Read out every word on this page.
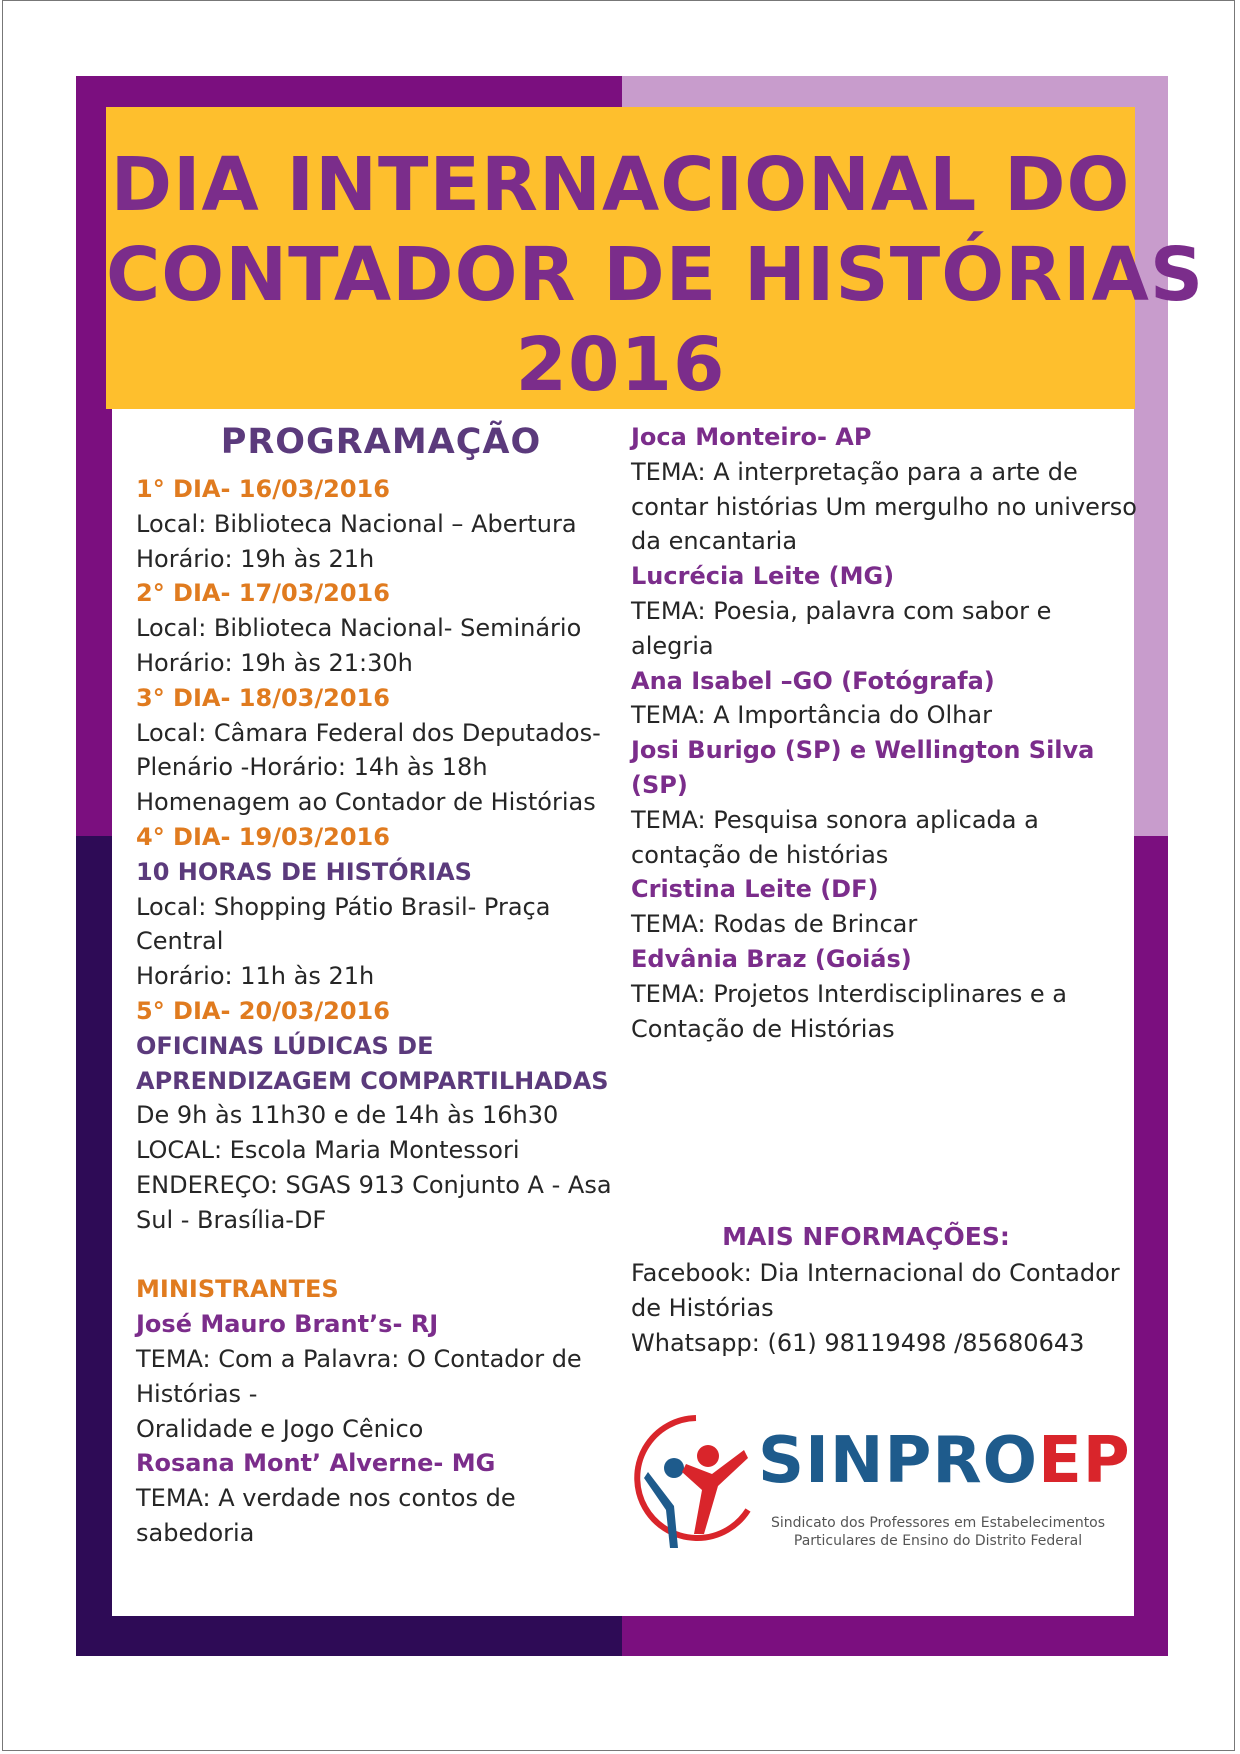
DIA INTERNACIONAL DO
CONTADOR DE HISTÓRIAS
2016
PROGRAMAÇÃO
1° DIA- 16/03/2016
Local: Biblioteca Nacional – Abertura
Horário: 19h às 21h
2° DIA- 17/03/2016
Local: Biblioteca Nacional- Seminário
Horário: 19h às 21:30h
3° DIA- 18/03/2016
Local: Câmara Federal dos Deputados-
Plenário -Horário: 14h às 18h
Homenagem ao Contador de Histórias
4° DIA- 19/03/2016
10 HORAS DE HISTÓRIAS
Local: Shopping Pátio Brasil- Praça
Central
Horário: 11h às 21h
5° DIA- 20/03/2016
OFICINAS LÚDICAS DE
APRENDIZAGEM COMPARTILHADAS
De 9h às 11h30 e de 14h às 16h30
LOCAL: Escola Maria Montessori
ENDEREÇO: SGAS 913 Conjunto A - Asa
Sul - Brasília-DF
MINISTRANTES
José Mauro Brant’s- RJ
TEMA: Com a Palavra: O Contador de
Histórias -
Oralidade e Jogo Cênico
Rosana Mont’ Alverne- MG
TEMA: A verdade nos contos de
sabedoria
Joca Monteiro- AP
TEMA: A interpretação para a arte de
contar histórias Um mergulho no universo
da encantaria
Lucrécia Leite (MG)
TEMA: Poesia, palavra com sabor e
alegria
Ana Isabel –GO (Fotógrafa)
TEMA: A Importância do Olhar
Josi Burigo (SP) e Wellington Silva
(SP)
TEMA: Pesquisa sonora aplicada a
contação de histórias
Cristina Leite (DF)
TEMA: Rodas de Brincar
Edvânia Braz (Goiás)
TEMA: Projetos Interdisciplinares e a
Contação de Histórias
MAIS NFORMAÇÕES:
Facebook: Dia Internacional do Contador
de Histórias
Whatsapp: (61) 98119498 /85680643
SINPROEP
Sindicato dos Professores em Estabelecimentos
Particulares de Ensino do Distrito Federal
